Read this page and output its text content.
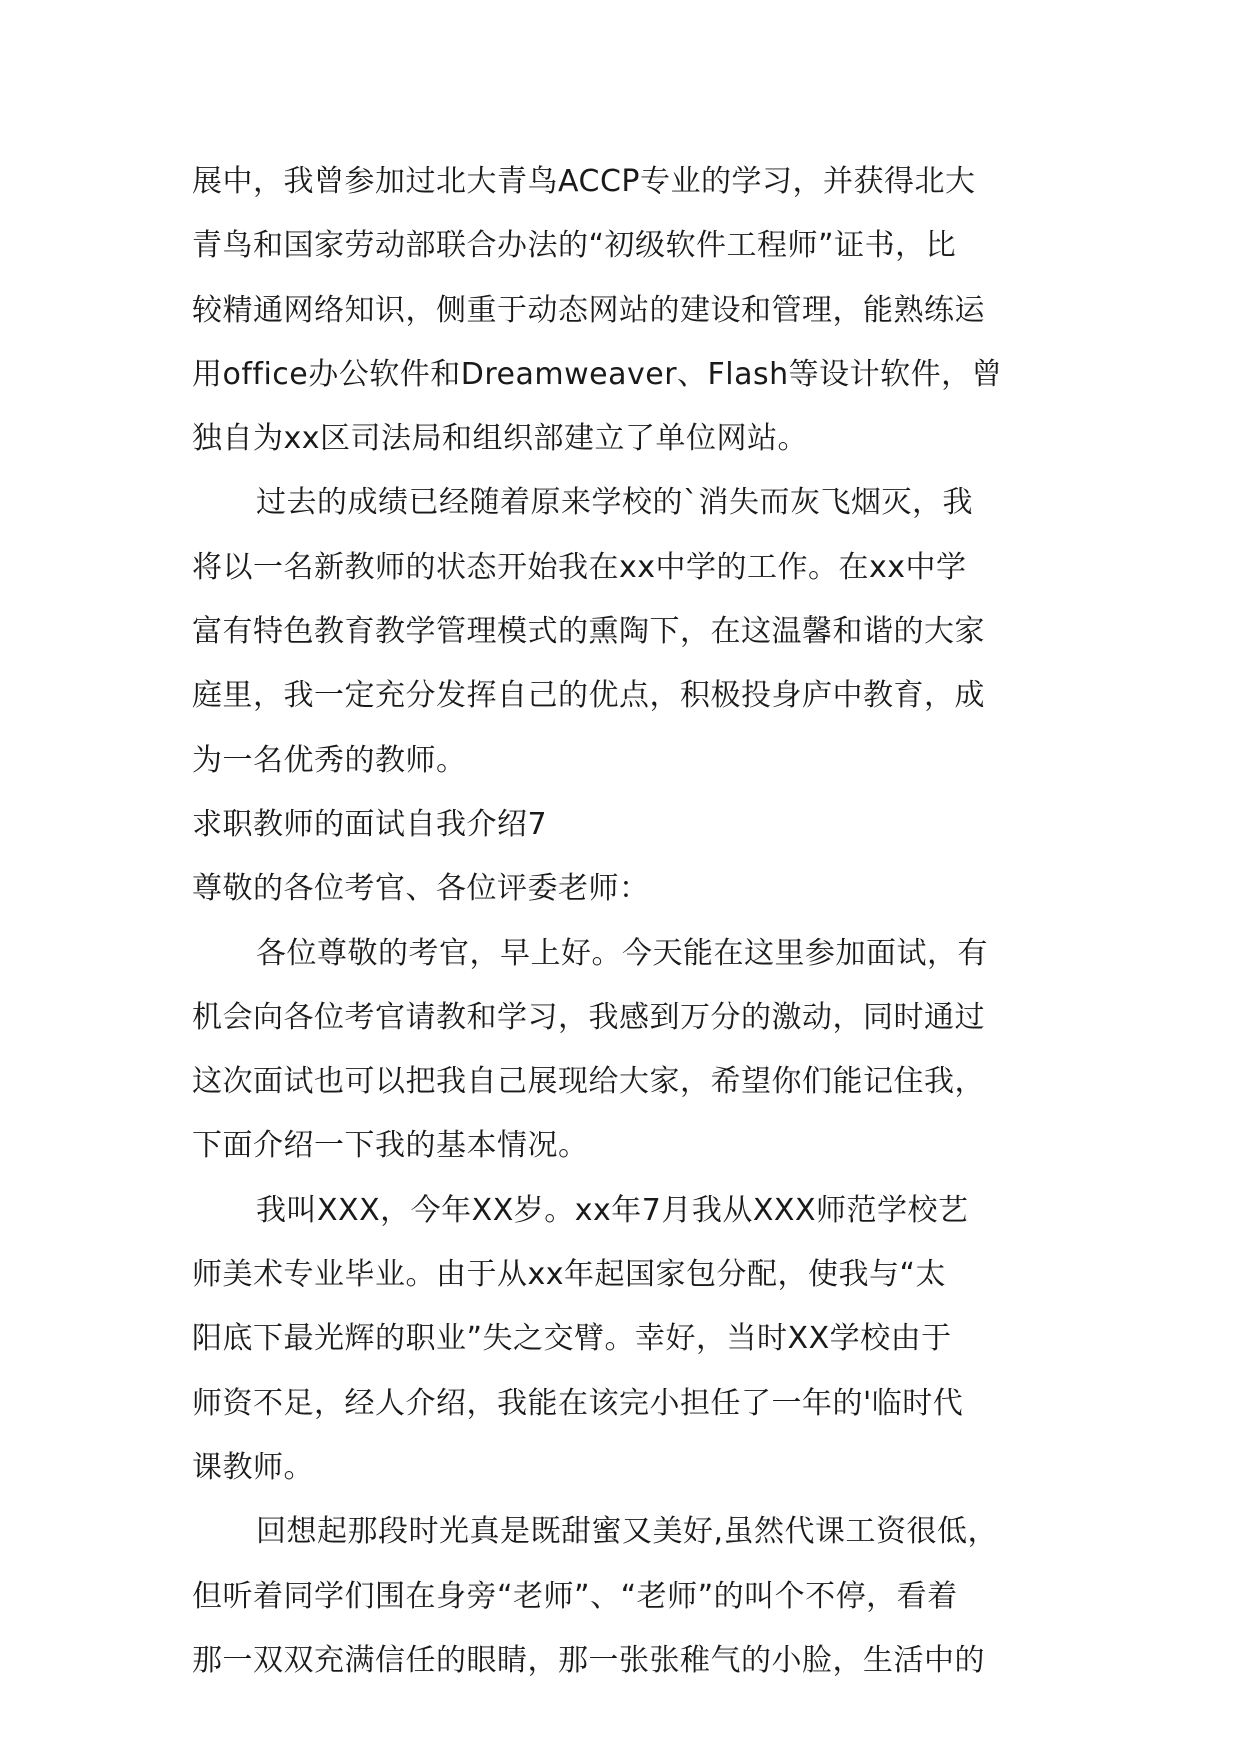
展中，我曾参加过北大青鸟ACCP专业的学习，并获得北大
青鸟和国家劳动部联合办法的“初级软件工程师”证书，比
较精通网络知识，侧重于动态网站的建设和管理，能熟练运
用office办公软件和Dreamweaver、Flash等设计软件，曾
独自为xx区司法局和组织部建立了单位网站。
过去的成绩已经随着原来学校的`消失而灰飞烟灭，我
将以一名新教师的状态开始我在xx中学的工作。在xx中学
富有特色教育教学管理模式的熏陶下，在这温馨和谐的大家
庭里，我一定充分发挥自己的优点，积极投身庐中教育，成
为一名优秀的教师。
求职教师的面试自我介绍7
尊敬的各位考官、各位评委老师：
各位尊敬的考官，早上好。今天能在这里参加面试，有
机会向各位考官请教和学习，我感到万分的激动，同时通过
这次面试也可以把我自己展现给大家，希望你们能记住我，
下面介绍一下我的基本情况。
我叫XXX，今年XX岁。xx年7月我从XXX师范学校艺
师美术专业毕业。由于从xx年起国家包分配，使我与“太
阳底下最光辉的职业”失之交臂。幸好，当时XX学校由于
师资不足，经人介绍，我能在该完小担任了一年的'临时代
课教师。
回想起那段时光真是既甜蜜又美好,虽然代课工资很低，
但听着同学们围在身旁“老师”、“老师”的叫个不停，看着
那一双双充满信任的眼睛，那一张张稚气的小脸，生活中的
